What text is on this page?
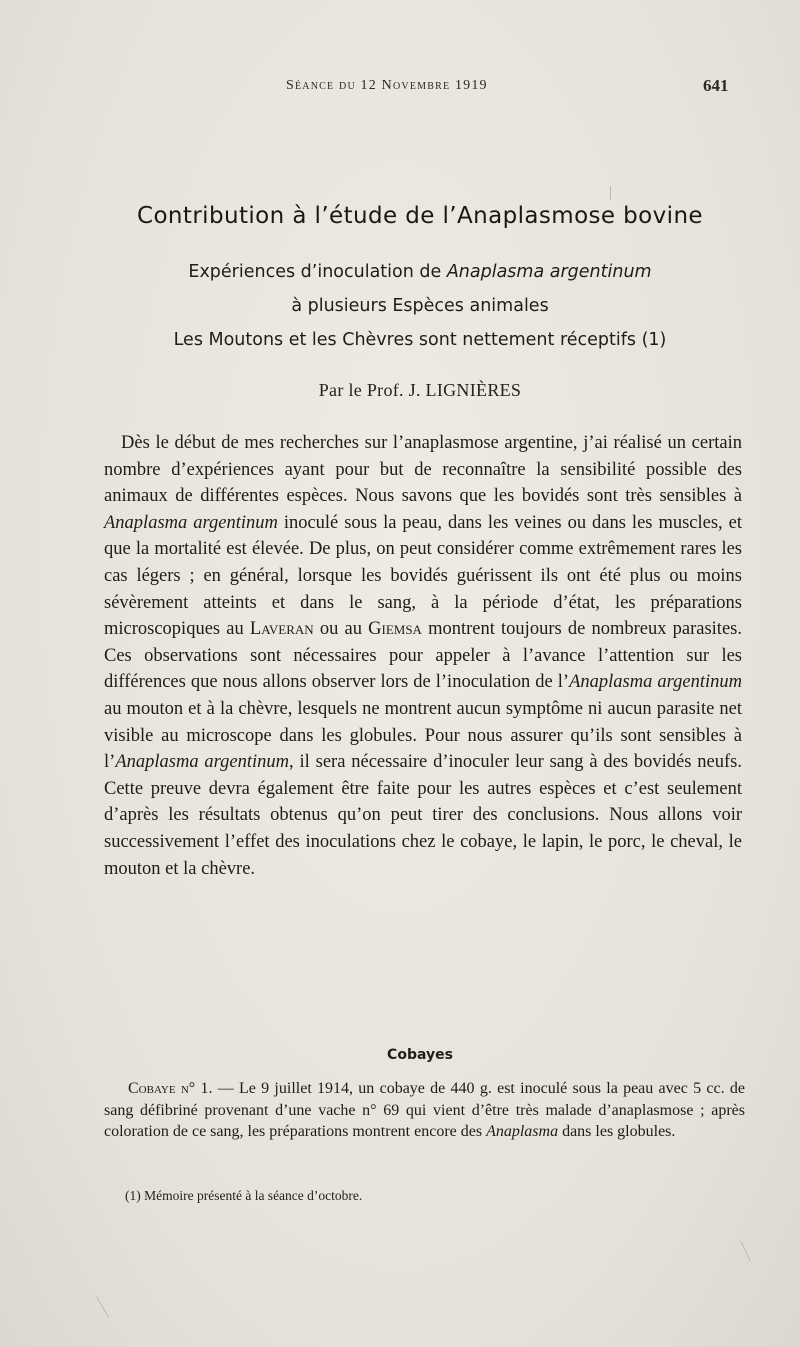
Séance du 12 Novembre 1919	641
Contribution à l’étude de l’Anaplasmose bovine
Expériences d’inoculation de Anaplasma argentinum
à plusieurs Espèces animales
Les Moutons et les Chèvres sont nettement réceptifs (1)
Par le Prof. J. LIGNIÈRES
Dès le début de mes recherches sur l’anaplasmose argentine, j’ai réalisé un certain nombre d’expériences ayant pour but de reconnaître la sensibilité possible des animaux de différentes espèces. Nous savons que les bovidés sont très sensibles à Anaplasma argentinum inoculé sous la peau, dans les veines ou dans les muscles, et que la mortalité est élevée. De plus, on peut considérer comme extrêmement rares les cas légers ; en général, lorsque les bovidés guérissent ils ont été plus ou moins sévèrement atteints et dans le sang, à la période d’état, les préparations microscopiques au Laveran ou au Giemsa montrent toujours de nombreux parasites. Ces observations sont nécessaires pour appeler à l’avance l’attention sur les différences que nous allons observer lors de l’inoculation de l’Anaplasma argentinum au mouton et à la chèvre, lesquels ne montrent aucun symptôme ni aucun parasite net visible au microscope dans les globules. Pour nous assurer qu’ils sont sensibles à l’Anaplasma argentinum, il sera nécessaire d’inoculer leur sang à des bovidés neufs. Cette preuve devra également être faite pour les autres espèces et c’est seulement d’après les résultats obtenus qu’on peut tirer des conclusions. Nous allons voir successivement l’effet des inoculations chez le cobaye, le lapin, le porc, le cheval, le mouton et la chèvre.
Cobayes
Cobaye n° 1. — Le 9 juillet 1914, un cobaye de 440 g. est inoculé sous la peau avec 5 cc. de sang défibriné provenant d’une vache n° 69 qui vient d’être très malade d’anaplasmose ; après coloration de ce sang, les préparations montrent encore des Anaplasma dans les globules.
(1) Mémoire présenté à la séance d’octobre.
